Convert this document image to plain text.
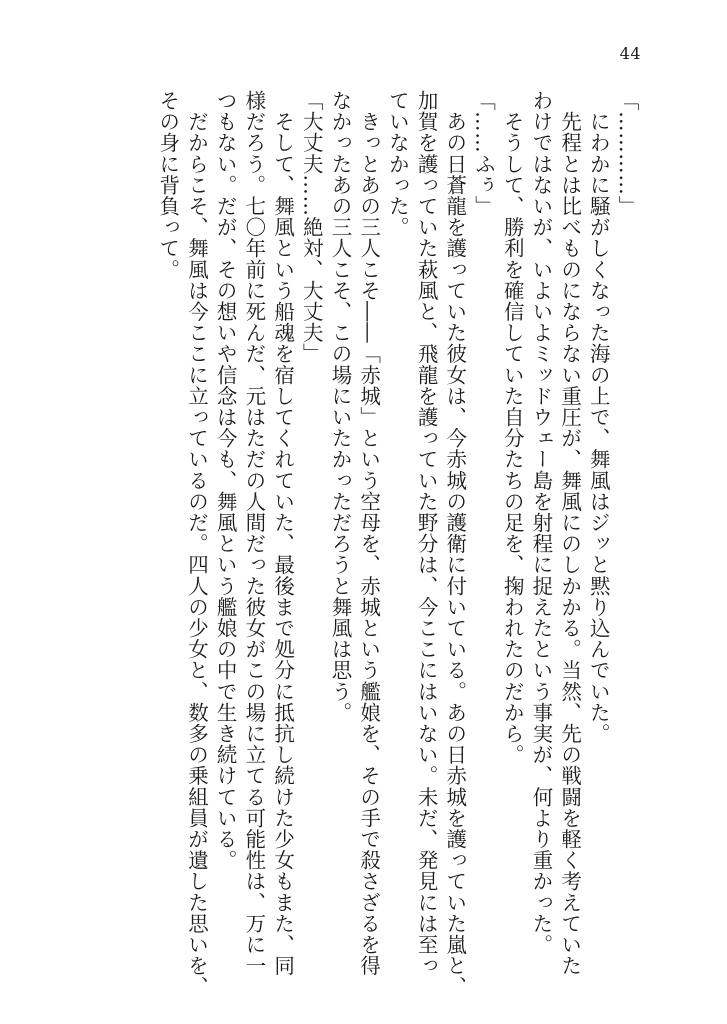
44

「…………」

　にわかに騒がしくなった海の上で、舞風はジッと黙り込んでいた。

　先程とは比べものにならない重圧が、舞風にのしかかる。当然、先の戦闘を軽く考えていた

わけではないが、いよいよミッドウェー島を射程に捉えたという事実が、何より重かった。

　そうして、勝利を確信していた自分たちの足を、掬われたのだから。

「……ふぅ」

　あの日蒼龍を護っていた彼女は、今赤城の護衛に付いている。あの日赤城を護っていた嵐と、

加賀を護っていた萩風と、飛龍を護っていた野分は、今ここにはいない。未だ、発見には至っ

ていなかった。

　きっとあの三人こそ――「赤城」という空母を、赤城という艦娘を、その手で殺さざるを得

なかったあの三人こそ、この場にいたかっただろうと舞風は思う。

「大丈夫……絶対、大丈夫」

　そして、舞風という船魂を宿してくれていた、最後まで処分に抵抗し続けた少女もまた、同

様だろう。七〇年前に死んだ、元はただの人間だった彼女がこの場に立てる可能性は、万に一

つもない。だが、その想いや信念は今も、舞風という艦娘の中で生き続けている。

　だからこそ、舞風は今ここに立っているのだ。四人の少女と、数多の乗組員が遺した思いを、

その身に背負って。
